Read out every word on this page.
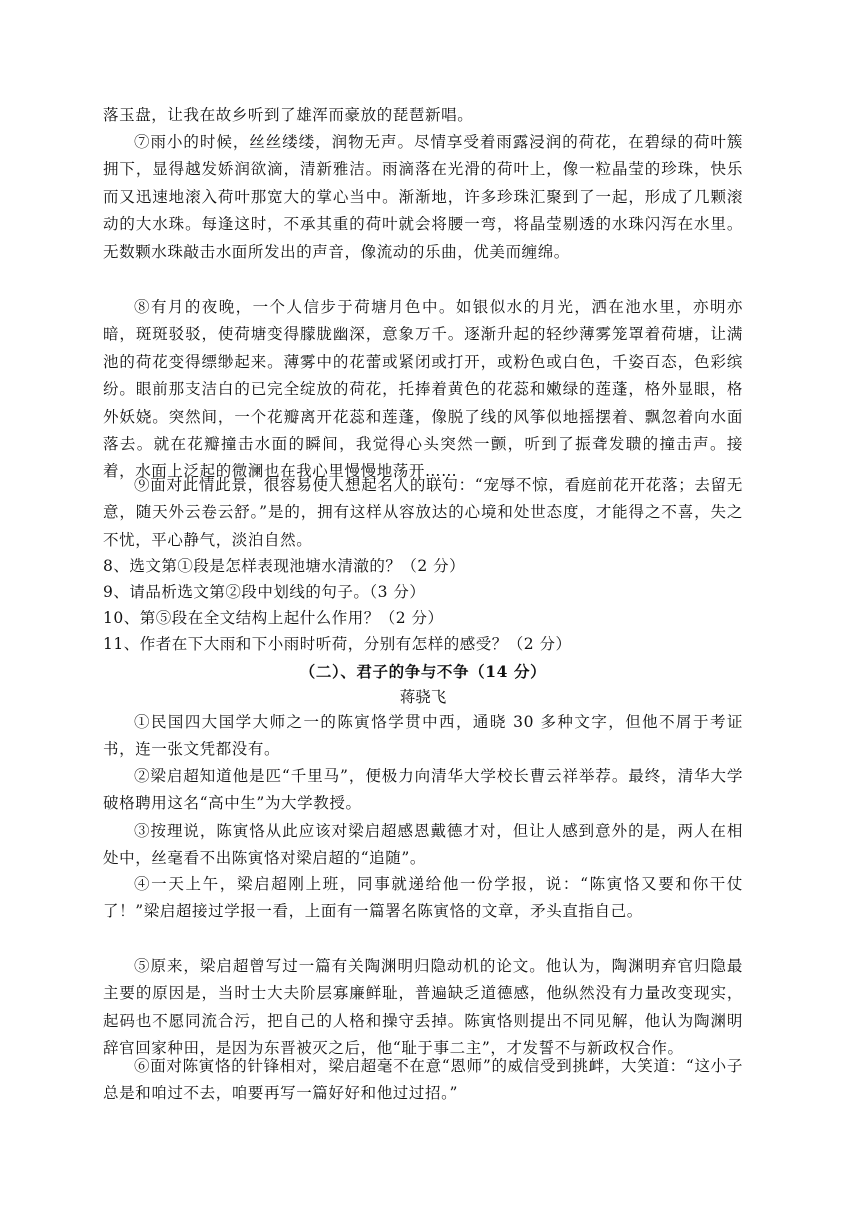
落玉盘，让我在故乡听到了雄浑而豪放的琵琶新唱。
⑦雨小的时候，丝丝缕缕，润物无声。尽情享受着雨露浸润的荷花，在碧绿的荷叶簇拥下，显得越发娇润欲滴，清新雅洁。雨滴落在光滑的荷叶上，像一粒晶莹的珍珠，快乐而又迅速地滚入荷叶那宽大的掌心当中。渐渐地，许多珍珠汇聚到了一起，形成了几颗滚动的大水珠。每逢这时，不承其重的荷叶就会将腰一弯，将晶莹剔透的水珠闪泻在水里。无数颗水珠敲击水面所发出的声音，像流动的乐曲，优美而缠绵。
⑧有月的夜晚，一个人信步于荷塘月色中。如银似水的月光，洒在池水里，亦明亦暗，斑斑驳驳，使荷塘变得朦胧幽深，意象万千。逐渐升起的轻纱薄雾笼罩着荷塘，让满池的荷花变得缥缈起来。薄雾中的花蕾或紧闭或打开，或粉色或白色，千姿百态，色彩缤纷。眼前那支洁白的已完全绽放的荷花，托捧着黄色的花蕊和嫩绿的莲蓬，格外显眼，格外妖娆。突然间，一个花瓣离开花蕊和莲蓬，像脱了线的风筝似地摇摆着、飘忽着向水面落去。就在花瓣撞击水面的瞬间，我觉得心头突然一颤，听到了振聋发聩的撞击声。接着，水面上泛起的微澜也在我心里慢慢地荡开……
⑨面对此情此景，很容易使人想起名人的联句：“宠辱不惊，看庭前花开花落；去留无意，随天外云卷云舒。”是的，拥有这样从容放达的心境和处世态度，才能得之不喜，失之不忧，平心静气，淡泊自然。
8、选文第①段是怎样表现池塘水清澈的？（2 分）
9、请品析选文第②段中划线的句子。（3 分）
10、第⑤段在全文结构上起什么作用？（2 分）
11、作者在下大雨和下小雨时听荷，分别有怎样的感受？（2 分）
（二）、君子的争与不争（14 分）
蒋骁飞
①民国四大国学大师之一的陈寅恪学贯中西，通晓 30 多种文字，但他不屑于考证书，连一张文凭都没有。
②梁启超知道他是匹“千里马”，便极力向清华大学校长曹云祥举荐。最终，清华大学破格聘用这名“高中生”为大学教授。
③按理说，陈寅恪从此应该对梁启超感恩戴德才对，但让人感到意外的是，两人在相处中，丝毫看不出陈寅恪对梁启超的“追随”。
④一天上午，梁启超刚上班，同事就递给他一份学报，说：“陈寅恪又要和你干仗了！”梁启超接过学报一看，上面有一篇署名陈寅恪的文章，矛头直指自己。
⑤原来，梁启超曾写过一篇有关陶渊明归隐动机的论文。他认为，陶渊明弃官归隐最主要的原因是，当时士大夫阶层寡廉鲜耻，普遍缺乏道德感，他纵然没有力量改变现实，起码也不愿同流合污，把自己的人格和操守丢掉。陈寅恪则提出不同见解，他认为陶渊明辞官回家种田，是因为东晋被灭之后，他“耻于事二主”，才发誓不与新政权合作。
⑥面对陈寅恪的针锋相对，梁启超毫不在意“恩师”的威信受到挑衅，大笑道：“这小子总是和咱过不去，咱要再写一篇好好和他过过招。”
